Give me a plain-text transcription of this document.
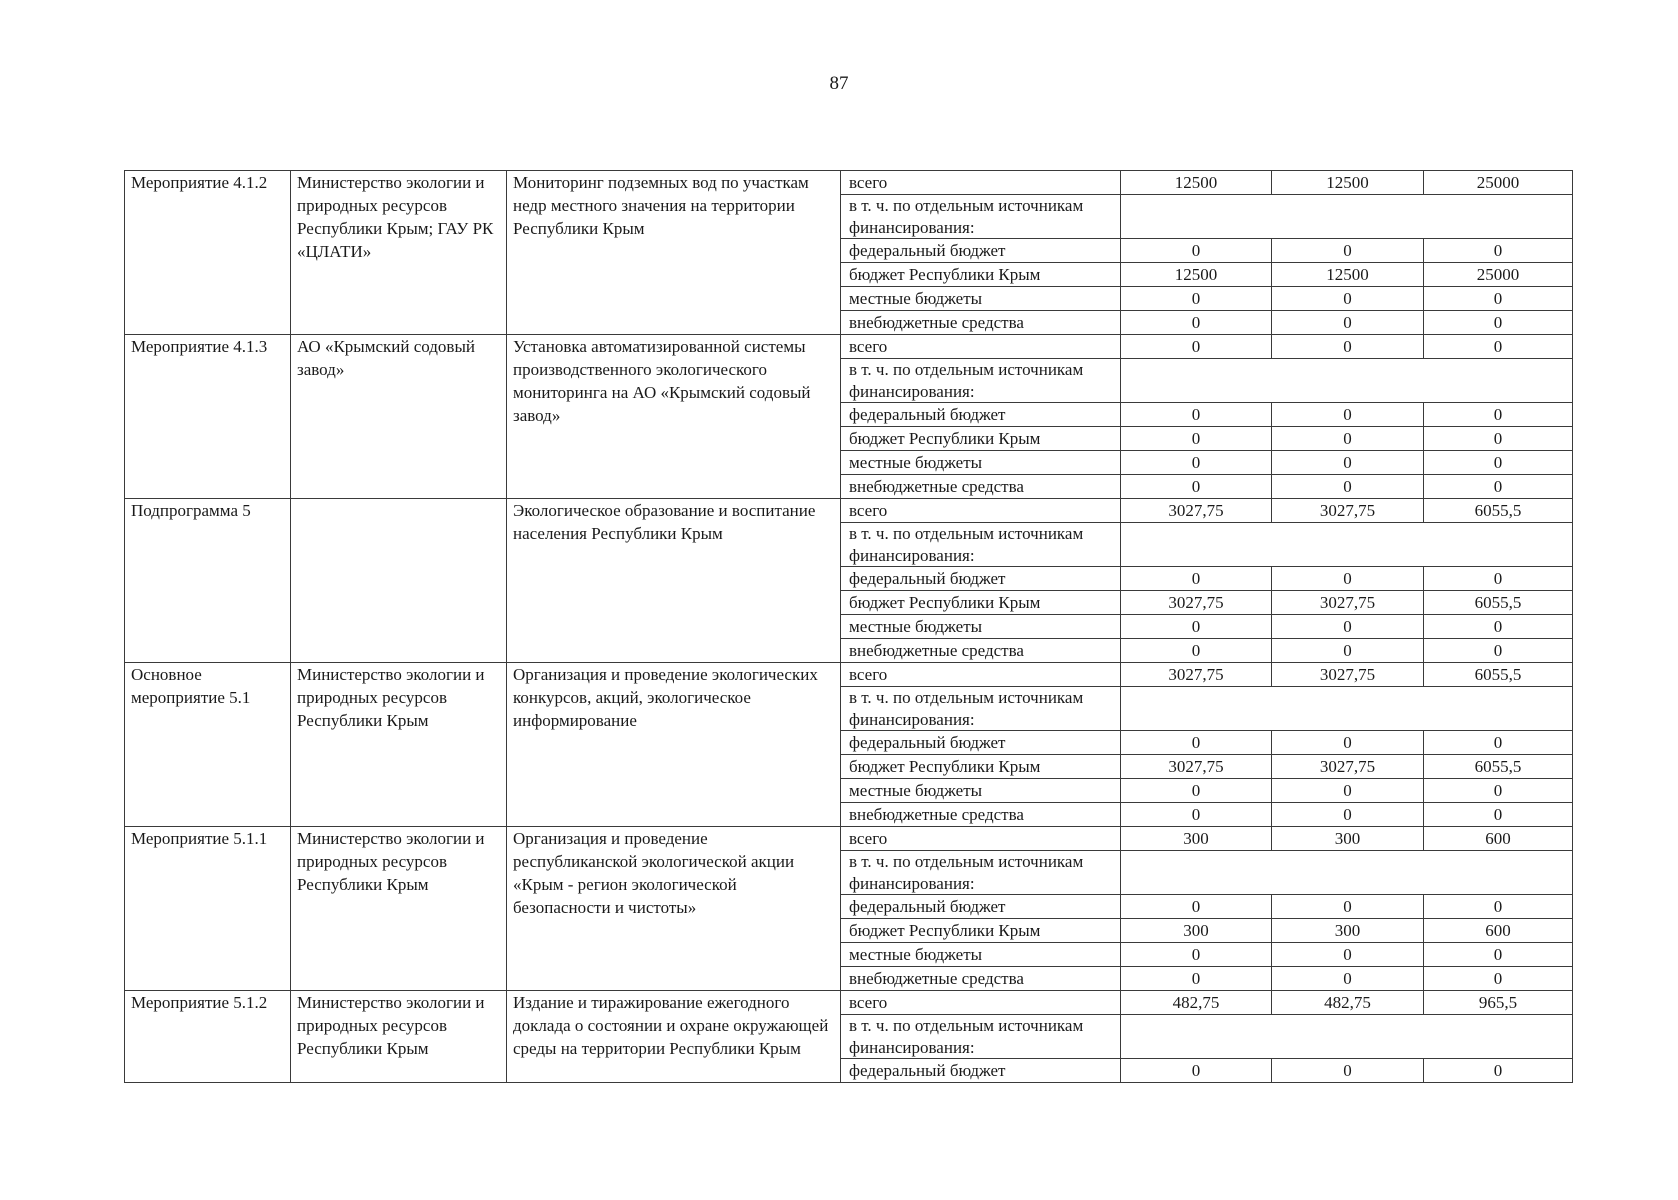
87
Мероприятие 4.1.2	Министерство экологии и природных ресурсов Республики Крым; ГАУ РК «ЦЛАТИ»	Мониторинг подземных вод по участкам недр местного значения на территории Республики Крым	всего	12500	12500	25000
			в т. ч. по отдельным источникам финансирования:			
			федеральный бюджет	0	0	0
			бюджет Республики Крым	12500	12500	25000
			местные бюджеты	0	0	0
			внебюджетные средства	0	0	0
Мероприятие 4.1.3	АО «Крымский содовый завод»	Установка автоматизированной системы производственного экологического мониторинга на АО «Крымский содовый завод»	всего	0	0	0
			в т. ч. по отдельным источникам финансирования:			
			федеральный бюджет	0	0	0
			бюджет Республики Крым	0	0	0
			местные бюджеты	0	0	0
			внебюджетные средства	0	0	0
Подпрограмма 5		Экологическое образование и воспитание населения Республики Крым	всего	3027,75	3027,75	6055,5
			в т. ч. по отдельным источникам финансирования:			
			федеральный бюджет	0	0	0
			бюджет Республики Крым	3027,75	3027,75	6055,5
			местные бюджеты	0	0	0
			внебюджетные средства	0	0	0
Основное мероприятие 5.1	Министерство экологии и природных ресурсов Республики Крым	Организация и проведение экологических конкурсов, акций, экологическое информирование	всего	3027,75	3027,75	6055,5
			в т. ч. по отдельным источникам финансирования:			
			федеральный бюджет	0	0	0
			бюджет Республики Крым	3027,75	3027,75	6055,5
			местные бюджеты	0	0	0
			внебюджетные средства	0	0	0
Мероприятие 5.1.1	Министерство экологии и природных ресурсов Республики Крым	Организация и проведение республиканской экологической акции «Крым - регион экологической безопасности и чистоты»	всего	300	300	600
			в т. ч. по отдельным источникам финансирования:			
			федеральный бюджет	0	0	0
			бюджет Республики Крым	300	300	600
			местные бюджеты	0	0	0
			внебюджетные средства	0	0	0
Мероприятие 5.1.2	Министерство экологии и природных ресурсов Республики Крым	Издание и тиражирование ежегодного доклада о состоянии и охране окружающей среды на территории Республики Крым	всего	482,75	482,75	965,5
			в т. ч. по отдельным источникам финансирования:			
			федеральный бюджет	0	0	0
